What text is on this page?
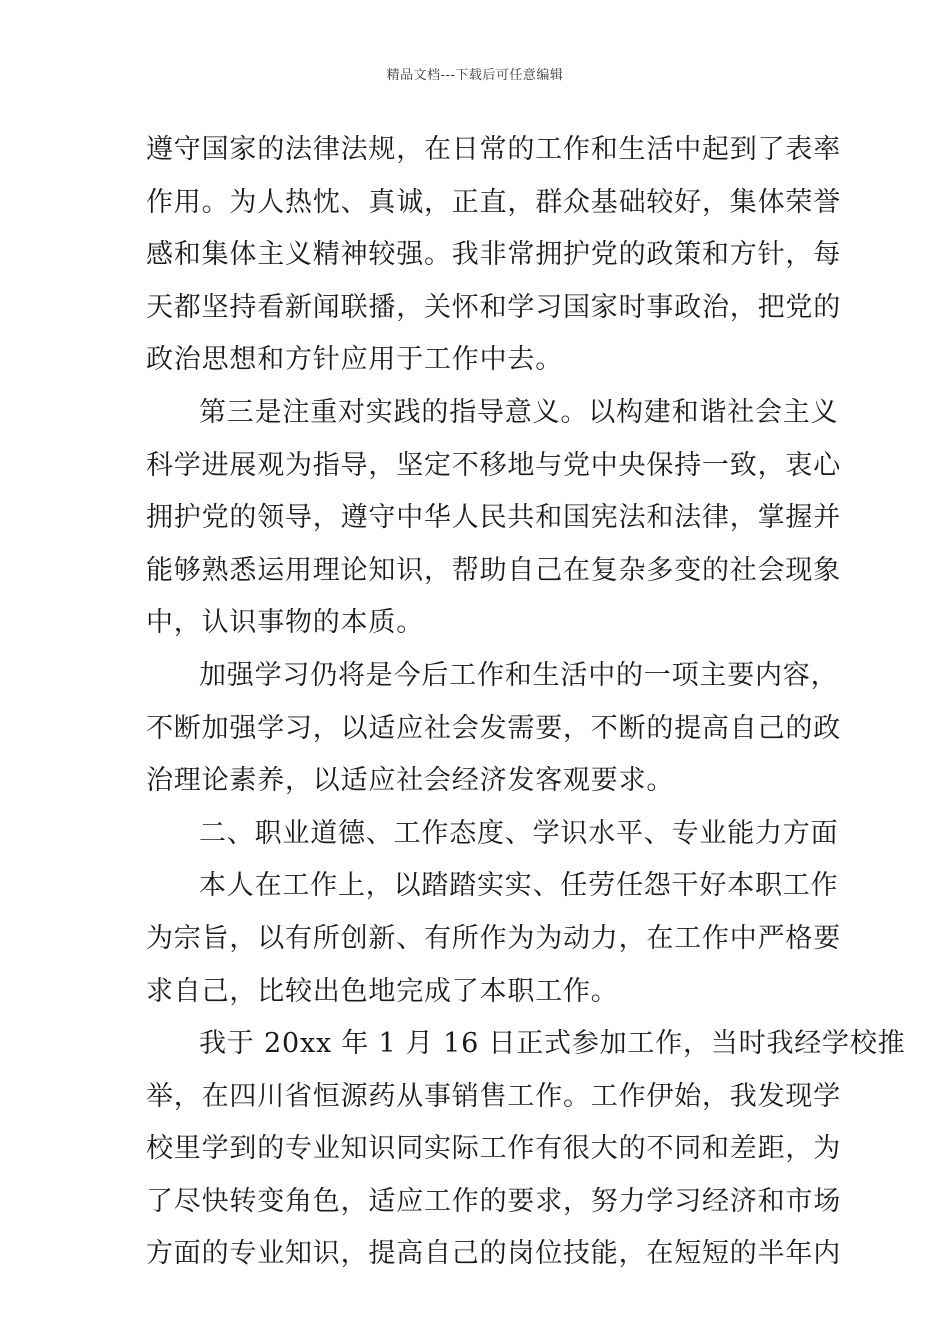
精品文档---下载后可任意编辑
遵守国家的法律法规，在日常的工作和生活中起到了表率
作用。为人热忱、真诚，正直，群众基础较好，集体荣誉
感和集体主义精神较强。我非常拥护党的政策和方针，每
天都坚持看新闻联播，关怀和学习国家时事政治，把党的
政治思想和方针应用于工作中去。
第三是注重对实践的指导意义。以构建和谐社会主义
科学进展观为指导，坚定不移地与党中央保持一致，衷心
拥护党的领导，遵守中华人民共和国宪法和法律，掌握并
能够熟悉运用理论知识，帮助自己在复杂多变的社会现象
中，认识事物的本质。
加强学习仍将是今后工作和生活中的一项主要内容，
不断加强学习，以适应社会发需要，不断的提高自己的政
治理论素养，以适应社会经济发客观要求。
二、职业道德、工作态度、学识水平、专业能力方面
本人在工作上，以踏踏实实、任劳任怨干好本职工作
为宗旨，以有所创新、有所作为为动力，在工作中严格要
求自己，比较出色地完成了本职工作。
我于 20xx 年 1 月 16 日正式参加工作，当时我经学校推
举，在四川省恒源药从事销售工作。工作伊始，我发现学
校里学到的专业知识同实际工作有很大的不同和差距，为
了尽快转变角色，适应工作的要求，努力学习经济和市场
方面的专业知识，提高自己的岗位技能，在短短的半年内
